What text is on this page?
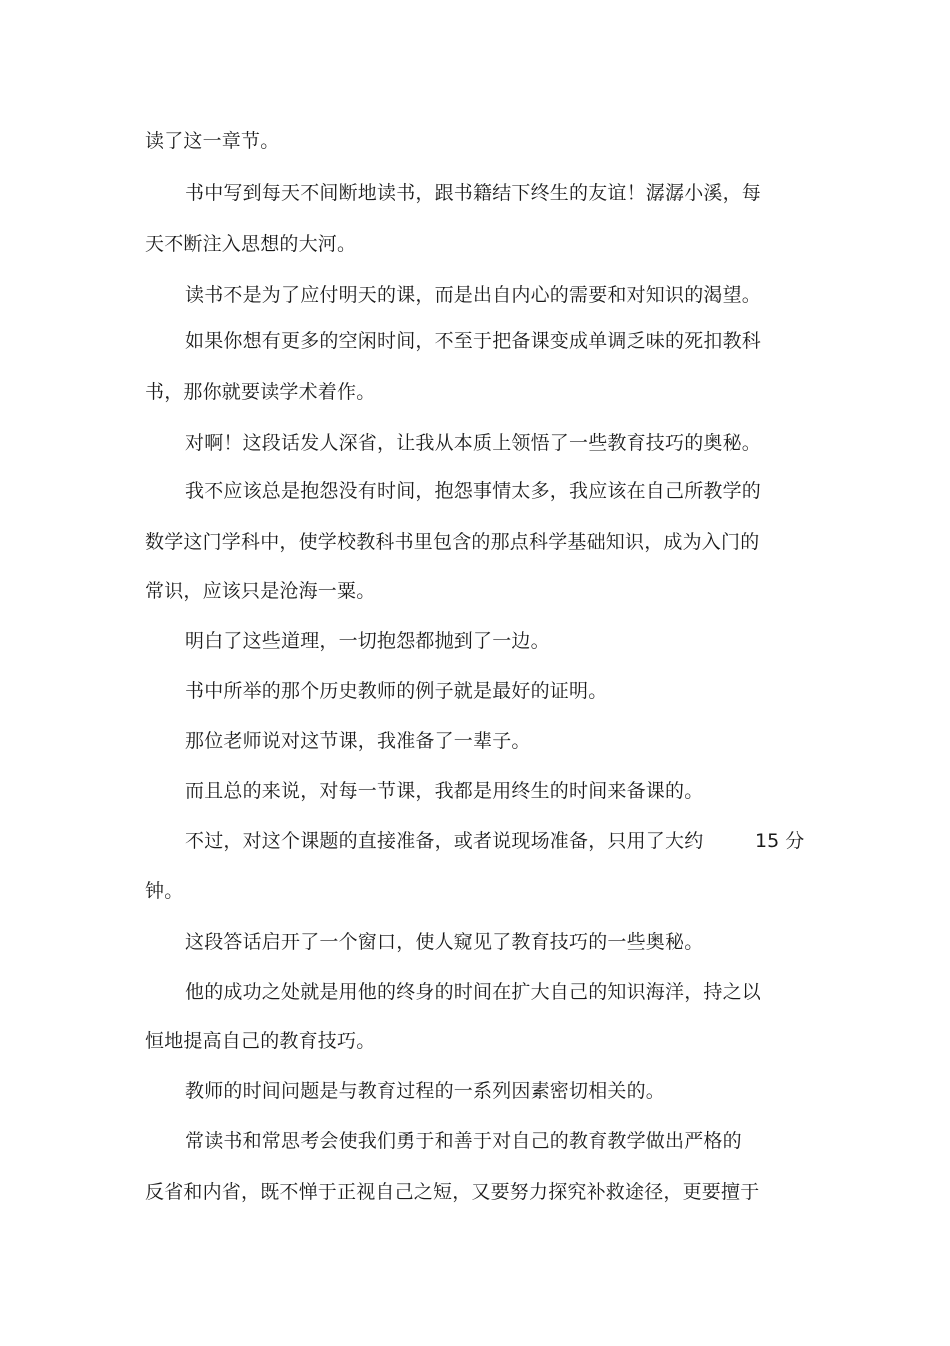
读了这一章节。
书中写到每天不间断地读书，跟书籍结下终生的友谊！潺潺小溪，每
天不断注入思想的大河。
读书不是为了应付明天的课，而是出自内心的需要和对知识的渴望。
如果你想有更多的空闲时间，不至于把备课变成单调乏味的死扣教科
书，那你就要读学术着作。
对啊！这段话发人深省，让我从本质上领悟了一些教育技巧的奥秘。
我不应该总是抱怨没有时间，抱怨事情太多，我应该在自己所教学的
数学这门学科中，使学校教科书里包含的那点科学基础知识，成为入门的
常识，应该只是沧海一粟。
明白了这些道理，一切抱怨都抛到了一边。
书中所举的那个历史教师的例子就是最好的证明。
那位老师说对这节课，我准备了一辈子。
而且总的来说，对每一节课，我都是用终生的时间来备课的。
不过，对这个课题的直接准备，或者说现场准备，只用了大约	15 分
钟。
这段答话启开了一个窗口，使人窥见了教育技巧的一些奥秘。
他的成功之处就是用他的终身的时间在扩大自己的知识海洋，持之以
恒地提高自己的教育技巧。
教师的时间问题是与教育过程的一系列因素密切相关的。
常读书和常思考会使我们勇于和善于对自己的教育教学做出严格的
反省和内省，既不惮于正视自己之短，又要努力探究补救途径，更要擅于
